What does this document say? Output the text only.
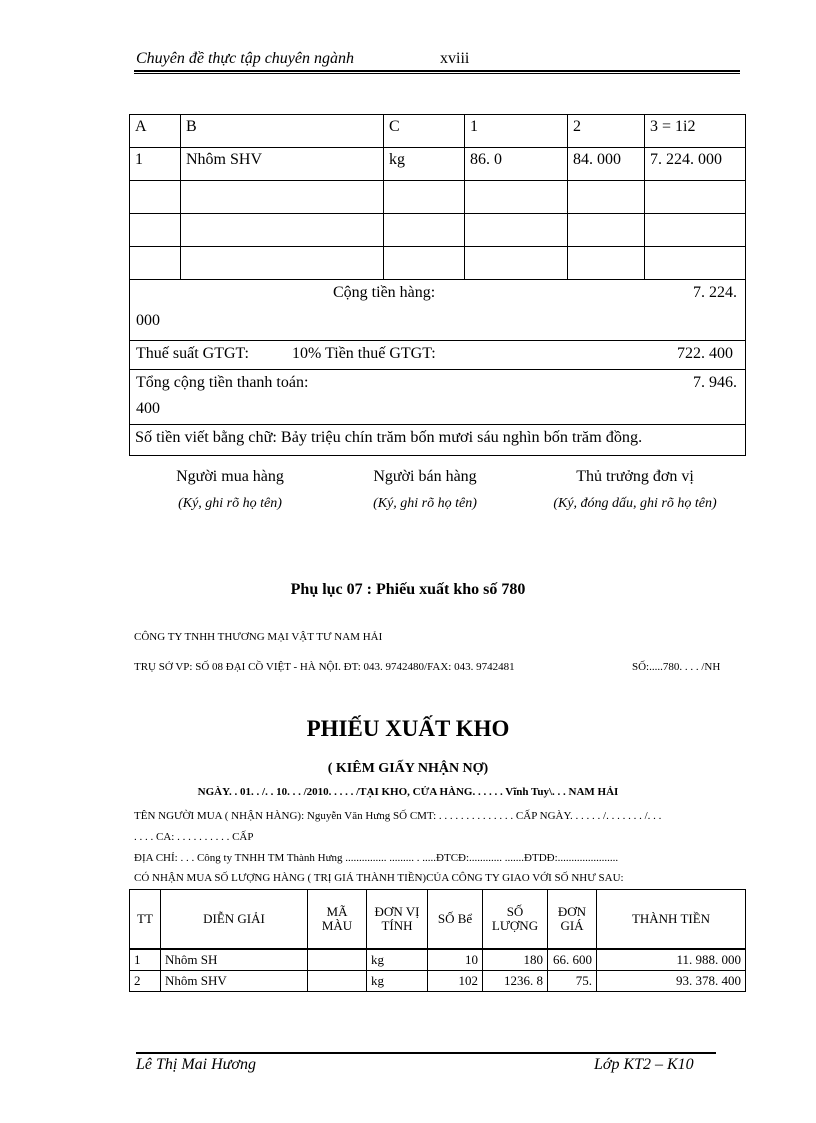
Chuyên đề thực tập chuyên ngành	xviii
A	B	C	1	2	3 = 1i2
1	Nhôm SHV	kg	86. 0	84. 000	7. 224. 000

Cộng tiền hàng: 7. 224.
000					

Thuế suất GTGT: 10% Tiền thuế GTGT: 722. 400					

Tổng cộng tiền thanh toán: 7. 946.
400					

Số tiền viết bằng chữ: Bảy triệu chín trăm bốn mươi sáu nghìn bốn trăm đồng.					
Người mua hàng
(Ký, ghi rõ họ tên)
Người bán hàng
(Ký, ghi rõ họ tên)
Thủ trưởng đơn vị
(Ký, đóng dấu, ghi rõ họ tên)
Phụ lục 07 : Phiếu xuất kho số 780
CÔNG TY TNHH THƯƠNG MẠI VẬT TƯ NAM HẢI
TRỤ SỞ VP: SỐ 08 ĐẠI CỒ VIỆT - HÀ NỘI. ĐT: 043. 9742480/FAX: 043. 9742481	SỐ:.....780. . . . /NH
PHIẾU XUẤT KHO
( KIÊM GIẤY NHẬN NỢ)
NGÀY. . 01. . /. . 10. . . /2010. . . . . /TẠI KHO, CỬA HÀNG. . . . . . Vĩnh Tuy\. . . NAM HẢI
TÊN NGƯỜI MUA ( NHẬN HÀNG): Nguyễn Văn Hưng SỐ CMT: . . . . . . . . . . . . . . CẤP NGÀY. . . . . . /. . . . . . . /. . .
. . . . CA: . . . . . . . . . . CẤP
ĐỊA CHỈ: . . . Công ty TNHH TM Thành Hưng ............... ......... . .....ĐTCĐ:............ .......ĐTDĐ:......................
CÓ NHẬN MUA SỐ LƯỢNG HÀNG ( TRỊ GIÁ THÀNH TIỀN)CỦA CÔNG TY GIAO VỚI SỐ NHƯ SAU:
TT	DIỄN GIẢI	MÃ MÀU	ĐƠN VỊ TÍNH	SỐ Bể	SỐ LƯỢNG	ĐƠN GIÁ	THÀNH TIỀN
1	Nhôm SH		kg	10	180	66. 600	11. 988. 000
2	Nhôm SHV		kg	102	1236. 8	75.	93. 378. 400
Lê Thị Mai Hương	Lớp KT2 – K10
